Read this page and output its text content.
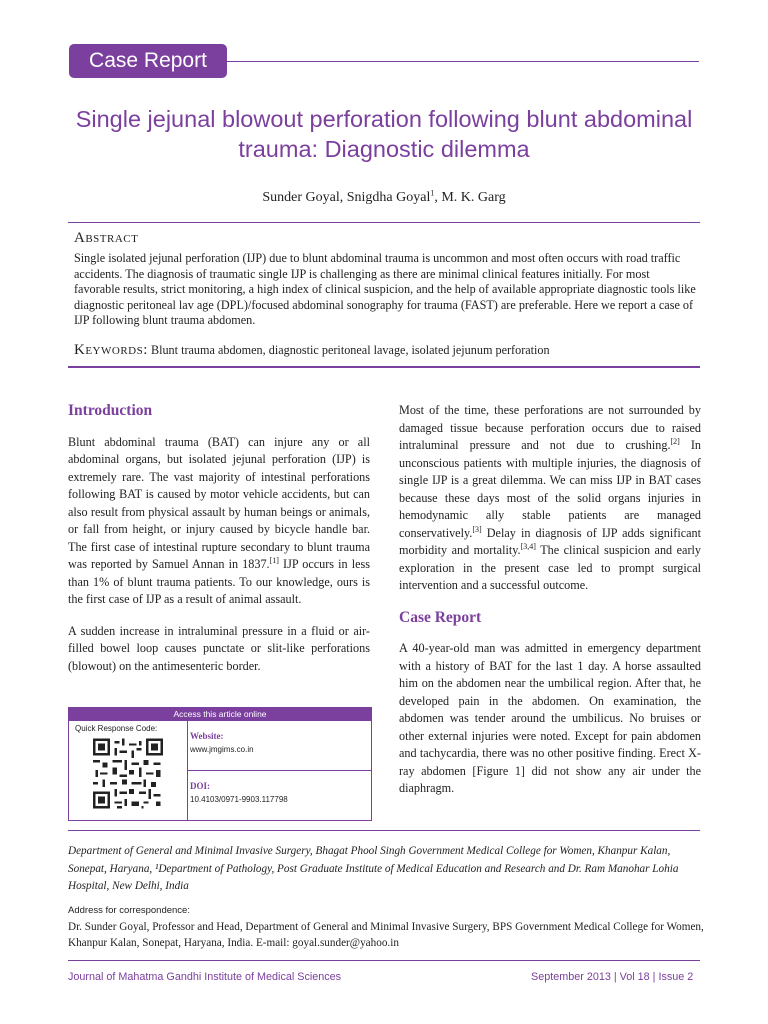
Case Report
Single jejunal blowout perforation following blunt abdominal trauma: Diagnostic dilemma
Sunder Goyal, Snigdha Goyal$^1$, M. K. Garg
Abstract
Single isolated jejunal perforation (IJP) due to blunt abdominal trauma is uncommon and most often occurs with road traffic accidents. The diagnosis of traumatic single IJP is challenging as there are minimal clinical features initially. For most favorable results, strict monitoring, a high index of clinical suspicion, and the help of available appropriate diagnostic tools like diagnostic peritoneal lav age (DPL)/focused abdominal sonography for trauma (FAST) are preferable. Here we report a case of IJP following blunt trauma abdomen.
Keywords: Blunt trauma abdomen, diagnostic peritoneal lavage, isolated jejunum perforation
Introduction

Blunt abdominal trauma (BAT) can injure any or all abdominal organs, but isolated jejunal perforation (IJP) is extremely rare. The vast majority of intestinal perforations following BAT is caused by motor vehicle accidents, but can also result from physical assault by human beings or animals, or fall from height, or injury caused by bicycle handle bar. The first case of intestinal rupture secondary to blunt trauma was reported by Samuel Annan in 1837.[1] IJP occurs in less than 1% of blunt trauma patients. To our knowledge, ours is the first case of IJP as a result of animal assault.

A sudden increase in intraluminal pressure in a fluid or air-filled bowel loop causes punctate or slit-like perforations (blowout) on the antimesenteric border.

Access this article online
Quick Response Code:
Website:
www.jmgims.co.in
DOI:
10.4103/0971-9903.117798

Most of the time, these perforations are not surrounded by damaged tissue because perforation occurs due to raised intraluminal pressure and not due to crushing.[2] In unconscious patients with multiple injuries, the diagnosis of single IJP is a great dilemma. We can miss IJP in BAT cases because these days most of the solid organs injuries in hemodynamic ally stable patients are managed conservatively.[3] Delay in diagnosis of IJP adds significant morbidity and mortality.[3,4] The clinical suspicion and early exploration in the present case led to prompt surgical intervention and a successful outcome.

Case Report

A 40-year-old man was admitted in emergency department with a history of BAT for the last 1 day. A horse assaulted him on the abdomen near the umbilical region. After that, he developed pain in the abdomen. On examination, the abdomen was tender around the umbilicus. No bruises or other external injuries were noted. Except for pain abdomen and tachycardia, there was no other positive finding. Erect X-ray abdomen [Figure 1] did not show any air under the diaphragm.

Department of General and Minimal Invasive Surgery, Bhagat Phool Singh Government Medical College for Women, Khanpur Kalan, Sonepat, Haryana, ¹Department of Pathology, Post Graduate Institute of Medical Education and Research and Dr. Ram Manohar Lohia Hospital, New Delhi, India
Address for correspondence:
Dr. Sunder Goyal, Professor and Head, Department of General and Minimal Invasive Surgery, BPS Government Medical College for Women, Khanpur Kalan, Sonepat, Haryana, India. E-mail: goyal.sunder@yahoo.in
Journal of Mahatma Gandhi Institute of Medical Sciences	September 2013 | Vol 18 | Issue 2
